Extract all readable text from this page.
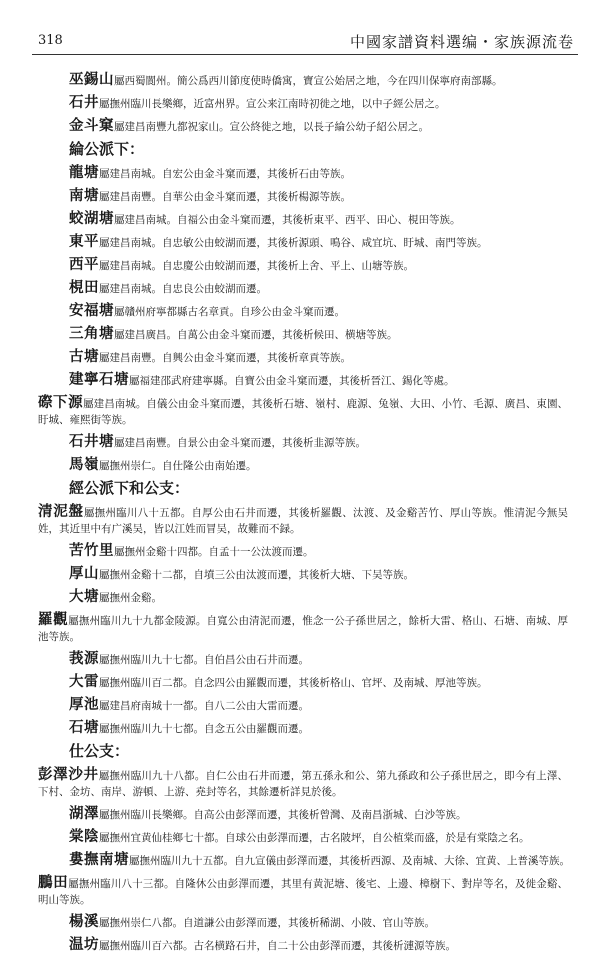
318	中國家譜資料選编・家族源流卷
巫錫山屬西蜀閬州。簡公爲西川節度使時僑寓，寶宣公始居之地，今在四川保寧府南部縣。
石井屬撫州臨川長樂鄉，近富州界。宣公来江南時初徙之地，以中子經公居之。
金斗窠屬建昌南豐九都祝家山。宣公終徙之地，以長子綸公幼子紹公居之。
綸公派下：
龍塘屬建昌南城。自宏公由金斗窠而遷，其後析石由等族。
南塘屬建昌南豐。自華公由金斗窠而遷，其後析楊源等族。
蛟湖塘屬建昌南城。自福公由金斗窠而遷，其後析東平、西平、田心、梘田等族。
東平屬建昌南城。自忠敏公由蛟湖而遷，其後析源頭、鳴谷、咸宜坑、盱城、南門等族。
西平屬建昌南城。自忠慶公由蛟湖而遷，其後析上舍、平上、山塘等族。
梘田屬建昌南城。自忠良公由蛟湖而遷。
安福塘屬贛州府寧都縣古名章貢。自珍公由金斗窠而遷。
三角塘屬建昌廣昌。自萬公由金斗窠而遷，其後析候田、横塘等族。
古塘屬建昌南豐。自興公由金斗窠而遷，其後析章貢等族。
建寧石塘屬福建邵武府建寧縣。自寶公由金斗窠而遷，其後析晉江、錫化等處。
磜下源屬建昌南城。自儀公由金斗窠而遷，其後析石塘、嶺村、鹿源、兔嶺、大田、小竹、毛源、廣昌、東園、盱城、雍熙街等族。
石井塘屬建昌南豐。自景公由金斗窠而遷，其後析韭源等族。
馬嶺屬撫州崇仁。自仕隆公由南始遷。
經公派下和公支：
清泥盤屬撫州臨川八十五都。自厚公由石井而遷，其後析羅觀、汰渡、及金谿苦竹、厚山等族。惟清泥今無吴姓，其近里中有广溪吴，皆以江姓而冒吴，故難而不録。
苦竹里屬撫州金谿十四都。自孟十一公汰渡而遷。
厚山屬撫州金谿十二都，自墳三公由汰渡而遷，其後析大塘、下吴等族。
大塘屬撫州金谿。
羅觀屬撫州臨川九十九都金陵源。自寬公由清泥而遷，惟念一公子孫世居之，餘析大雷、格山、石塘、南城、厚池等族。
莪源屬撫州臨川九十七都。自伯昌公由石井而遷。
大雷屬撫州臨川百二都。自念四公由羅觀而遷，其後析格山、官坪、及南城、厚池等族。
厚池屬建昌府南城十一都。自八二公由大雷而遷。
石塘屬撫州臨川九十七都。自念五公由羅觀而遷。
仕公支：
彭澤沙井屬撫州臨川九十八都。自仁公由石井而遷，第五孫永和公、第九孫政和公子孫世居之，即今有上澤、下村、金坊、南岸、游頓、上游、堯封等名，其餘遷析詳見於後。
湖澤屬撫州臨川長樂鄉。自高公由彭澤而遷，其後析曾灣、及南昌浙城、白沙等族。
棠陰屬撫州宜黄仙桂鄉七十都。自球公由彭澤而遷，古名陂坪，自公植棠而盛，於是有棠陰之名。
婁撫南塘屬撫州臨川九十五都。自九宣儀由彭澤而遷，其後析西源、及南城、大徐、宜黄、上普溪等族。
鵬田屬撫州臨川八十三都。自隆休公由彭澤而遷，其里有黄泥塘、後宅、上邊、樟樹下、對岸等名，及徙金谿、明山等族。
楊溪屬撫州崇仁八都。自道謙公由彭澤而遷，其後析稀湖、小陂、官山等族。
温坊屬撫州臨川百六都。古名横路石井，自二十公由彭澤而遷，其後析漣源等族。
